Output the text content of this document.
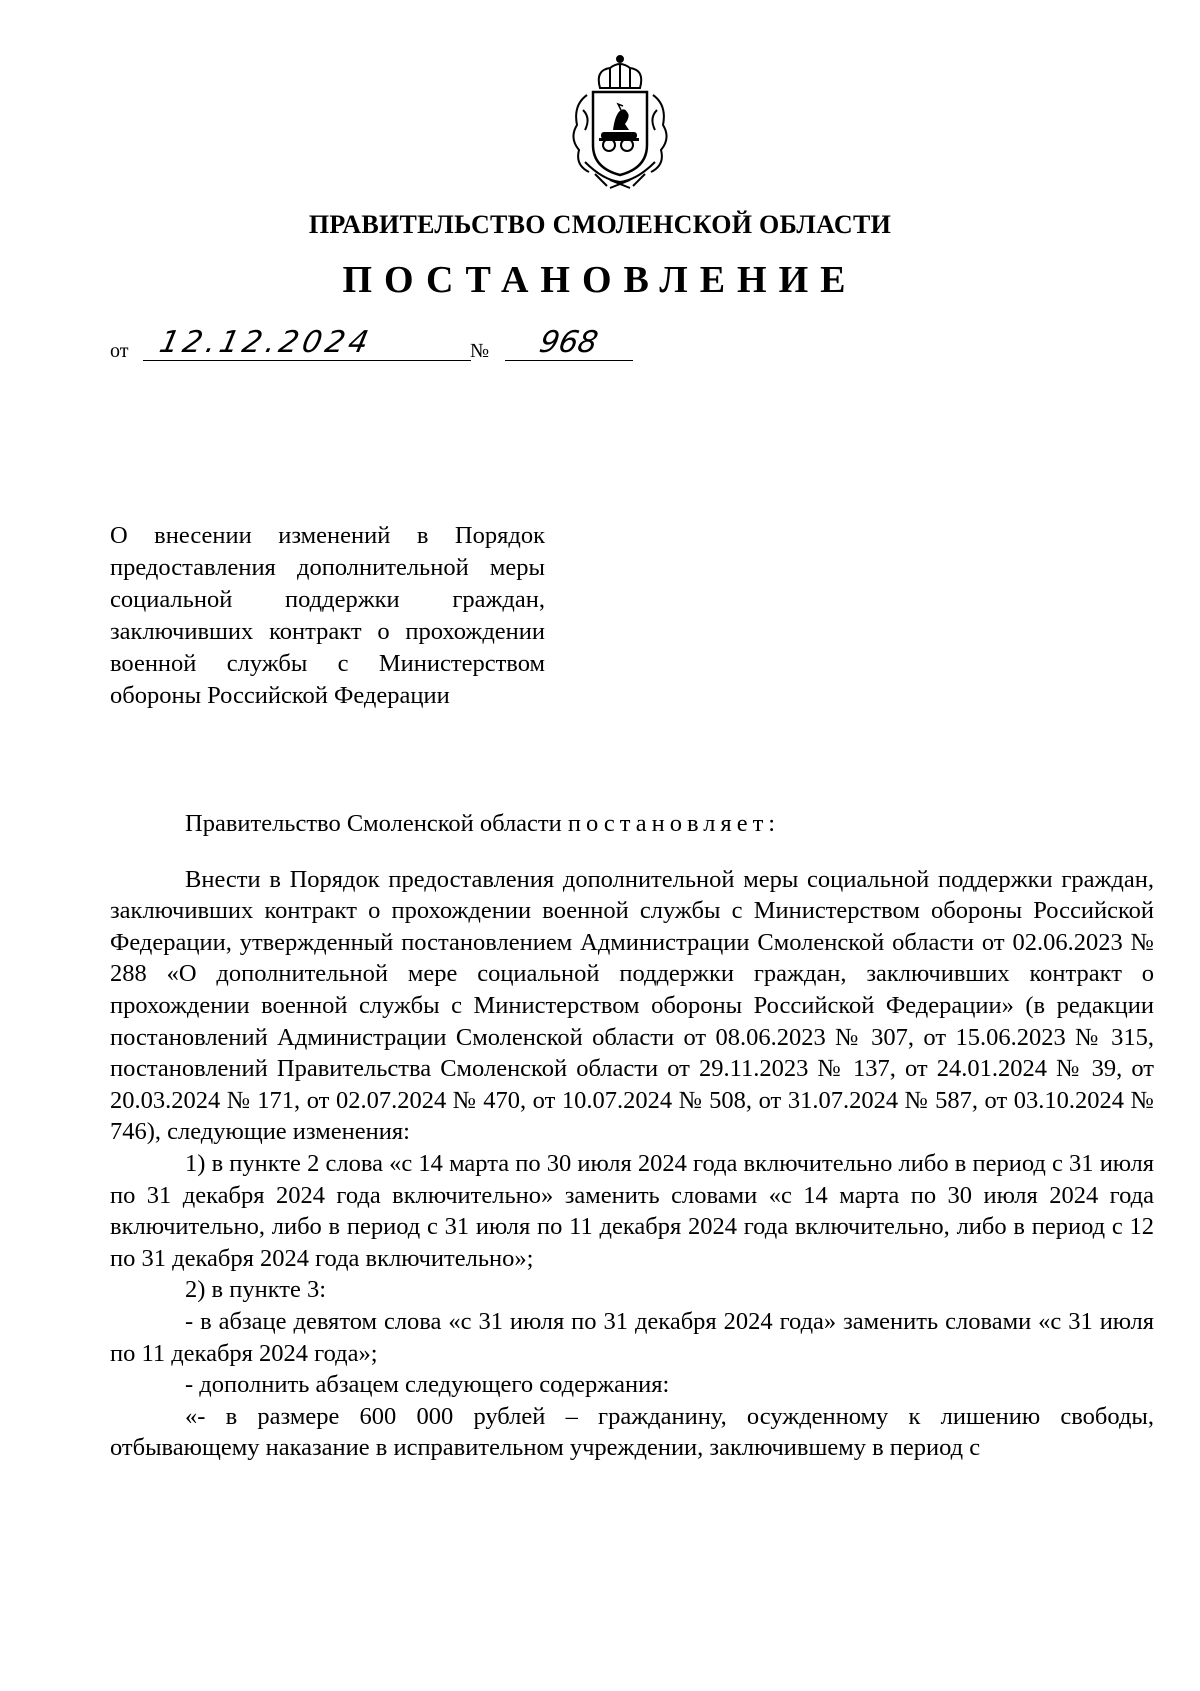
ПРАВИТЕЛЬСТВО СМОЛЕНСКОЙ ОБЛАСТИ
ПОСТАНОВЛЕНИЕ
от 12.12.2024	№ 968
О внесении изменений в Порядок предоставления дополнительной меры социальной поддержки граждан, заключивших контракт о прохождении военной службы с Министерством обороны Российской Федерации

Правительство Смоленской области постановляет:

Внести в Порядок предоставления дополнительной меры социальной поддержки граждан, заключивших контракт о прохождении военной службы с Министерством обороны Российской Федерации, утвержденный постановлением Администрации Смоленской области от 02.06.2023 № 288 «О дополнительной мере социальной поддержки граждан, заключивших контракт о прохождении военной службы с Министерством обороны Российской Федерации» (в редакции постановлений Администрации Смоленской области от 08.06.2023 № 307, от 15.06.2023 № 315, постановлений Правительства Смоленской области от 29.11.2023 № 137, от 24.01.2024 № 39, от 20.03.2024 № 171, от 02.07.2024 № 470, от 10.07.2024 № 508, от 31.07.2024 № 587, от 03.10.2024 № 746), следующие изменения:

1) в пункте 2 слова «с 14 марта по 30 июля 2024 года включительно либо в период с 31 июля по 31 декабря 2024 года включительно» заменить словами «с 14 марта по 30 июля 2024 года включительно, либо в период с 31 июля по 11 декабря 2024 года включительно, либо в период с 12 по 31 декабря 2024 года включительно»;

2) в пункте 3:

- в абзаце девятом слова «с 31 июля по 31 декабря 2024 года» заменить словами «с 31 июля по 11 декабря 2024 года»;

- дополнить абзацем следующего содержания:

«- в размере 600 000 рублей – гражданину, осужденному к лишению свободы, отбывающему наказание в исправительном учреждении, заключившему в период с
